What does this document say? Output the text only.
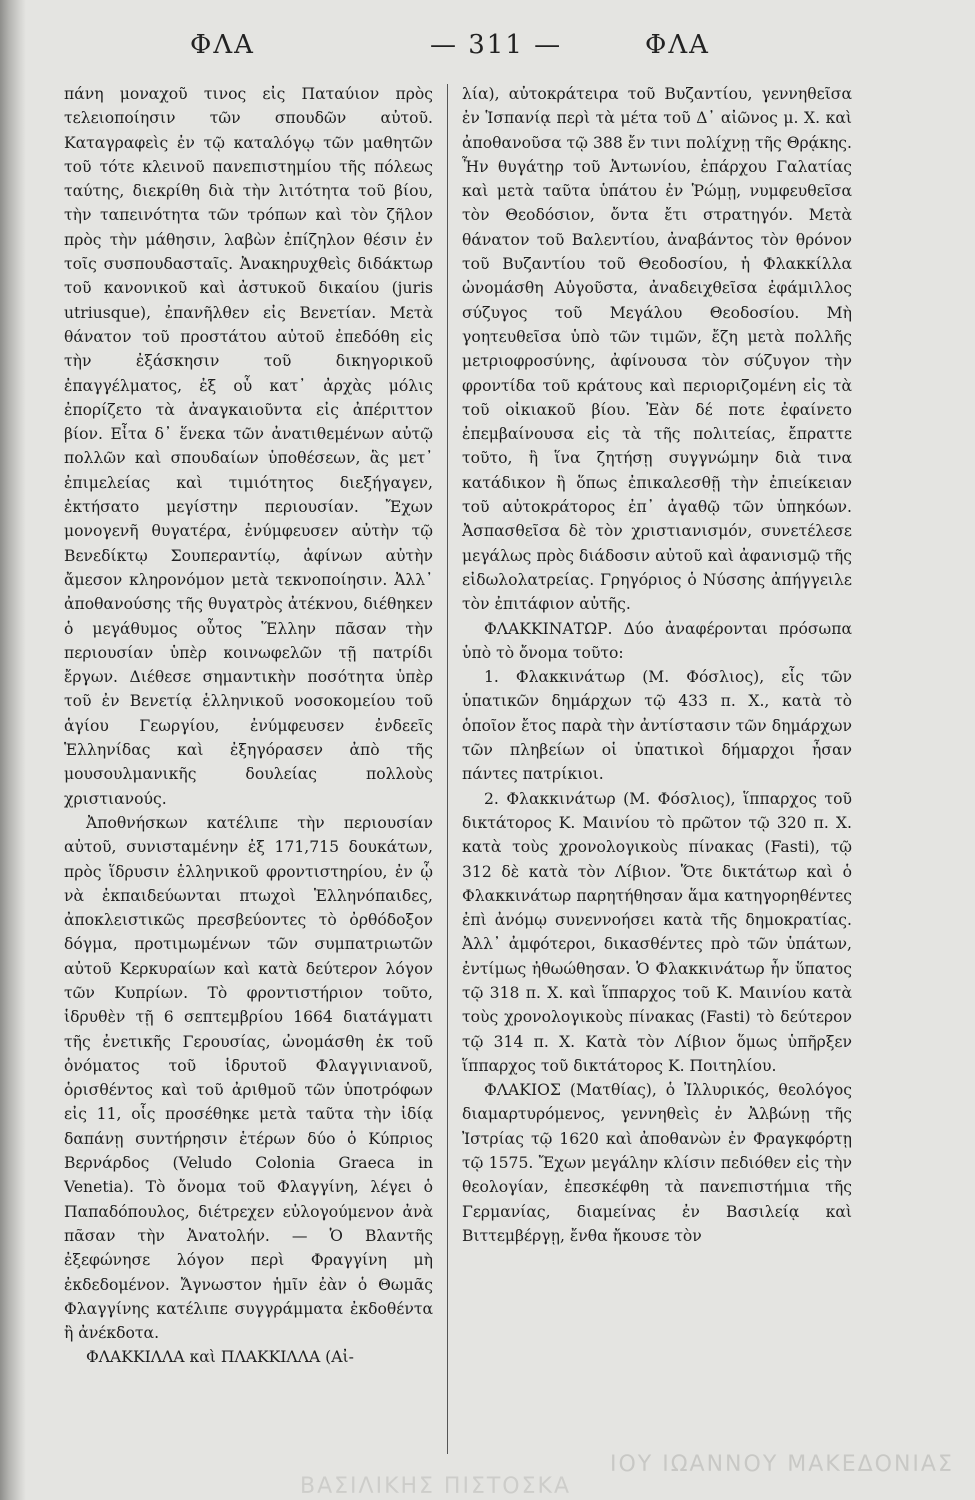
ΦΛΑ	— 311 —	ΦΛΑ

πάνη μοναχοῦ τινος εἰς Παταύιον πρὸς τελειοποίησιν τῶν σπουδῶν αὐτοῦ. Καταγραφεὶς ἐν τῷ καταλόγῳ τῶν μαθητῶν τοῦ τότε κλεινοῦ πανεπιστημίου τῆς πόλεως ταύτης, διεκρίθη διὰ τὴν λιτότητα τοῦ βίου, τὴν ταπεινότητα τῶν τρόπων καὶ τὸν ζῆλον πρὸς τὴν μάθησιν, λαβὼν ἐπίζηλον θέσιν ἐν τοῖς συσπουδασταῖς. Ἀνακηρυχθεὶς διδάκτωρ τοῦ κανονικοῦ καὶ ἀστυκοῦ δικαίου (juris utriusque), ἐπανῆλθεν εἰς Βενετίαν. Μετὰ θάνατον τοῦ προστάτου αὐτοῦ ἐπεδόθη εἰς τὴν ἐξάσκησιν τοῦ δικηγορικοῦ ἐπαγγέλματος, ἐξ οὗ κατ᾽ ἀρχὰς μόλις ἐπορίζετο τὰ ἀναγκαιοῦντα εἰς ἀπέριττον βίον. Εἶτα δ᾽ ἕνεκα τῶν ἀνατιθεμένων αὐτῷ πολλῶν καὶ σπουδαίων ὑποθέσεων, ἃς μετ᾽ ἐπιμελείας καὶ τιμιότητος διεξήγαγεν, ἐκτήσατο μεγίστην περιουσίαν. Ἔχων μονογενῆ θυγατέρα, ἐνύμφευσεν αὐτὴν τῷ Βενεδίκτῳ Σουπεραντίῳ, ἀφίνων αὐτὴν ἄμεσον κληρονόμον μετὰ τεκνοποίησιν. Ἀλλ᾽ ἀποθανούσης τῆς θυγατρὸς ἀτέκνου, διέθηκεν ὁ μεγάθυμος οὗτος Ἕλλην πᾶσαν τὴν περιουσίαν ὑπὲρ κοινωφελῶν τῇ πατρίδι ἔργων. Διέθεσε σημαντικὴν ποσότητα ὑπὲρ τοῦ ἐν Βενετίᾳ ἑλληνικοῦ νοσοκομείου τοῦ ἁγίου Γεωργίου, ἐνύμφευσεν ἐνδεεῖς Ἑλληνίδας καὶ ἐξηγόρασεν ἀπὸ τῆς μουσουλμανικῆς δουλείας πολλοὺς χριστιανούς.

Ἀποθνήσκων κατέλιπε τὴν περιουσίαν αὐτοῦ, συνισταμένην ἐξ 171,715 δουκάτων, πρὸς ἵδρυσιν ἑλληνικοῦ φροντιστηρίου, ἐν ᾧ νὰ ἐκπαιδεύωνται πτωχοὶ Ἑλληνόπαιδες, ἀποκλειστικῶς πρεσβεύοντες τὸ ὀρθόδοξον δόγμα, προτιμωμένων τῶν συμπατριωτῶν αὐτοῦ Κερκυραίων καὶ κατὰ δεύτερον λόγον τῶν Κυπρίων. Τὸ φροντιστήριον τοῦτο, ἱδρυθὲν τῇ 6 σεπτεμβρίου 1664 διατάγματι τῆς ἐνετικῆς Γερουσίας, ὠνομάσθη ἐκ τοῦ ὀνόματος τοῦ ἱδρυτοῦ Φλαγγινιανοῦ, ὁρισθέντος καὶ τοῦ ἀριθμοῦ τῶν ὑποτρόφων εἰς 11, οἷς προσέθηκε μετὰ ταῦτα τὴν ἰδίᾳ δαπάνῃ συντήρησιν ἑτέρων δύο ὁ Κύπριος Βερνάρδος (Veludo Colonia Graeca in Venetia). Τὸ ὄνομα τοῦ Φλαγγίνη, λέγει ὁ Παπαδόπουλος, διέτρεχεν εὐλογούμενον ἀνὰ πᾶσαν τὴν Ἀνατολήν. — Ὁ Βλαντῆς ἐξεφώνησε λόγον περὶ Φραγγίνη μὴ ἐκδεδομένον. Ἄγνωστον ἡμῖν ἐὰν ὁ Θωμᾶς Φλαγγίνης κατέλιπε συγγράμματα ἐκδοθέντα ἢ ἀνέκδοτα.

ΦΛΑΚΚΙΛΛΑ καὶ ΠΛΑΚΚΙΛΛΑ (Αἰ-

λία), αὐτοκράτειρα τοῦ Βυζαντίου, γεννηθεῖσα ἐν Ἱσπανίᾳ περὶ τὰ μέτα τοῦ Δ᾽ αἰῶνος μ. Χ. καὶ ἀποθανοῦσα τῷ 388 ἔν τινι πολίχνῃ τῆς Θρᾴκης. Ἦν θυγάτηρ τοῦ Ἀντωνίου, ἐπάρχου Γαλατίας καὶ μετὰ ταῦτα ὑπάτου ἐν Ῥώμῃ, νυμφευθεῖσα τὸν Θεοδόσιον, ὄντα ἔτι στρατηγόν. Μετὰ θάνατον τοῦ Βαλεντίου, ἀναβάντος τὸν θρόνον τοῦ Βυζαντίου τοῦ Θεοδοσίου, ἡ Φλακκίλλα ὠνομάσθη Αὐγοῦστα, ἀναδειχθεῖσα ἐφάμιλλος σύζυγος τοῦ Μεγάλου Θεοδοσίου. Μὴ γοητευθεῖσα ὑπὸ τῶν τιμῶν, ἔζη μετὰ πολλῆς μετριοφροσύνης, ἀφίνουσα τὸν σύζυγον τὴν φροντίδα τοῦ κράτους καὶ περιοριζομένη εἰς τὰ τοῦ οἰκιακοῦ βίου. Ἐὰν δέ ποτε ἐφαίνετο ἐπεμβαίνουσα εἰς τὰ τῆς πολιτείας, ἔπραττε τοῦτο, ἢ ἵνα ζητήσῃ συγγνώμην διὰ τινα κατάδικον ἢ ὅπως ἐπικαλεσθῇ τὴν ἐπιείκειαν τοῦ αὐτοκράτορος ἐπ᾽ ἀγαθῷ τῶν ὑπηκόων. Ἀσπασθεῖσα δὲ τὸν χριστιανισμόν, συνετέλεσε μεγάλως πρὸς διάδοσιν αὐτοῦ καὶ ἀφανισμῷ τῆς εἰδωλολατρείας. Γρηγόριος ὁ Νύσσης ἀπήγγειλε τὸν ἐπιτάφιον αὐτῆς.

ΦΛΑΚΚΙΝΑΤΩΡ. Δύο ἀναφέρονται πρόσωπα ὑπὸ τὸ ὄνομα τοῦτο:

1. Φλακκινάτωρ (Μ. Φόσλιος), εἷς τῶν ὑπατικῶν δημάρχων τῷ 433 π. Χ., κατὰ τὸ ὁποῖον ἔτος παρὰ τὴν ἀντίστασιν τῶν δημάρχων τῶν πληβείων οἱ ὑπατικοὶ δήμαρχοι ἦσαν πάντες πατρίκιοι.

2. Φλακκινάτωρ (Μ. Φόσλιος), ἵππαρχος τοῦ δικτάτορος Κ. Μαινίου τὸ πρῶτον τῷ 320 π. Χ. κατὰ τοὺς χρονολογικοὺς πίνακας (Fasti), τῷ 312 δὲ κατὰ τὸν Λίβιον. Ὅτε δικτάτωρ καὶ ὁ Φλακκινάτωρ παρητήθησαν ἅμα κατηγορηθέντες ἐπὶ ἀνόμῳ συνεννοήσει κατὰ τῆς δημοκρατίας. Ἀλλ᾽ ἀμφότεροι, δικασθέντες πρὸ τῶν ὑπάτων, ἐντίμως ἠθωώθησαν. Ὁ Φλακκινάτωρ ἦν ὕπατος τῷ 318 π. Χ. καὶ ἵππαρχος τοῦ Κ. Μαινίου κατὰ τοὺς χρονολογικοὺς πίνακας (Fasti) τὸ δεύτερον τῷ 314 π. Χ. Κατὰ τὸν Λίβιον ὅμως ὑπῆρξεν ἵππαρχος τοῦ δικτάτορος Κ. Ποιτηλίου.

ΦΛΑΚΙΟΣ (Ματθίας), ὁ Ἰλλυρικός, θεολόγος διαμαρτυρόμενος, γεννηθεὶς ἐν Ἀλβώνῃ τῆς Ἰστρίας τῷ 1620 καὶ ἀποθανὼν ἐν Φραγκφόρτῃ τῷ 1575. Ἔχων μεγάλην κλίσιν πεδιόθεν εἰς τὴν θεολογίαν, ἐπεσκέφθη τὰ πανεπιστήμια τῆς Γερμανίας, διαμείνας ἐν Βασιλείᾳ καὶ Βιττεμβέργῃ, ἔνθα ἤκουσε τὸν

ΙΟΥ ΙΩΑΝΝΟΥ ΜΑΚΕΔΟΝΙΑΣ
ΒΑΣΙΛΙΚΗΣ ΠΙΣΤΟΣΚΑ
